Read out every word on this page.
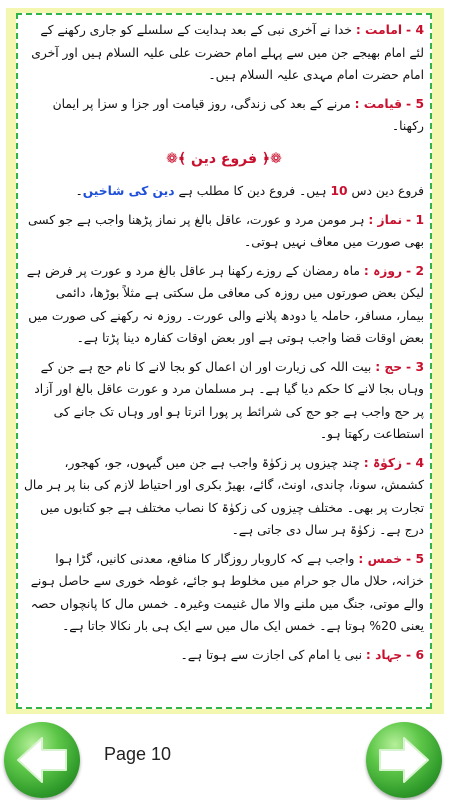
4 - امامت : خدا نے آخری نبی کے بعد ہدایت کے سلسلے کو جاری رکھنے کے لئے امام بھیجے جن میں سے پہلے امام حضرت علی علیہ السلام ہیں اور آخری امام حضرت امام مہدی علیہ السلام ہیں۔

5 - قیامت : مرنے کے بعد کی زندگی، روز قیامت اور جزا و سزا پر ایمان رکھنا۔

❁﴿ فروع دین ﴾❁

فروع دین دس 10 ہیں۔ فروع دین کا مطلب ہے دین کی شاخیں۔

1 - نماز : ہر مومن مرد و عورت، عاقل بالغ پر نماز پڑھنا واجب ہے جو کسی بھی صورت میں معاف نہیں ہوتی۔

2 - روزہ : ماہ رمضان کے روزے رکھنا ہر عاقل بالغ مرد و عورت پر فرض ہے لیکن بعض صورتوں میں روزہ کی معافی مل سکتی ہے مثلاً بوڑھا، دائمی بیمار، مسافر، حاملہ یا دودھ پلانے والی عورت۔ روزہ نہ رکھنے کی صورت میں بعض اوقات قضا واجب ہوتی ہے اور بعض اوقات کفارہ دینا پڑتا ہے۔

3 - حج : بیت اللہ کی زیارت اور ان اعمال کو بجا لانے کا نام حج ہے جن کے وہاں بجا لانے کا حکم دیا گیا ہے۔ ہر مسلمان مرد و عورت عاقل بالغ اور آزاد پر حج واجب ہے جو حج کی شرائط پر پورا اترتا ہو اور وہاں تک جانے کی استطاعت رکھتا ہو۔

4 - زکوٰۃ : چند چیزوں پر زکوٰۃ واجب ہے جن میں گیہوں، جو، کھجور، کشمش، سونا، چاندی، اونٹ، گائے، بھیڑ بکری اور احتیاط لازم کی بنا پر ہر مال تجارت پر بھی۔ مختلف چیزوں کی زکوٰۃ کا نصاب مختلف ہے جو کتابوں میں درج ہے۔ زکوٰۃ ہر سال دی جاتی ہے۔

5 - خمس : واجب ہے کہ کاروبار روزگار کا منافع، معدنی کانیں، گڑا ہوا خزانہ، حلال مال جو حرام میں مخلوط ہو جائے، غوطہ خوری سے حاصل ہونے والے موتی، جنگ میں ملنے والا مال غنیمت وغیرہ۔ خمس مال کا پانچواں حصہ یعنی 20% ہوتا ہے۔ خمس ایک مال میں سے ایک ہی بار نکالا جاتا ہے۔

6 - جہاد : نبی یا امام کی اجازت سے ہوتا ہے۔

Page 10
